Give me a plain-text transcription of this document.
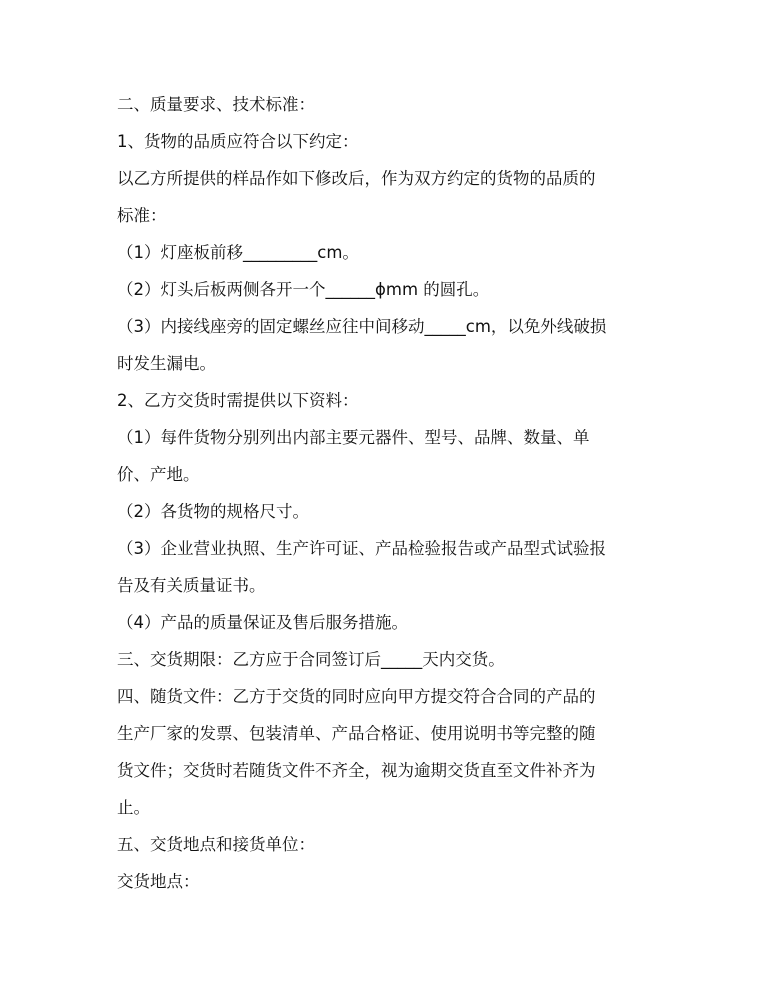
二、质量要求、技术标准：
1、货物的品质应符合以下约定：
以乙方所提供的样品作如下修改后，作为双方约定的货物的品质的
标准：
（1）灯座板前移_________cm。
（2）灯头后板两侧各开一个______ϕmm 的圆孔。
（3）内接线座旁的固定螺丝应往中间移动_____cm，以免外线破损
时发生漏电。
2、乙方交货时需提供以下资料：
（1）每件货物分别列出内部主要元器件、型号、品牌、数量、单
价、产地。
（2）各货物的规格尺寸。
（3）企业营业执照、生产许可证、产品检验报告或产品型式试验报
告及有关质量证书。
（4）产品的质量保证及售后服务措施。
三、交货期限：乙方应于合同签订后_____天内交货。
四、随货文件：乙方于交货的同时应向甲方提交符合合同的产品的
生产厂家的发票、包装清单、产品合格证、使用说明书等完整的随
货文件；交货时若随货文件不齐全，视为逾期交货直至文件补齐为
止。
五、交货地点和接货单位：
交货地点：
